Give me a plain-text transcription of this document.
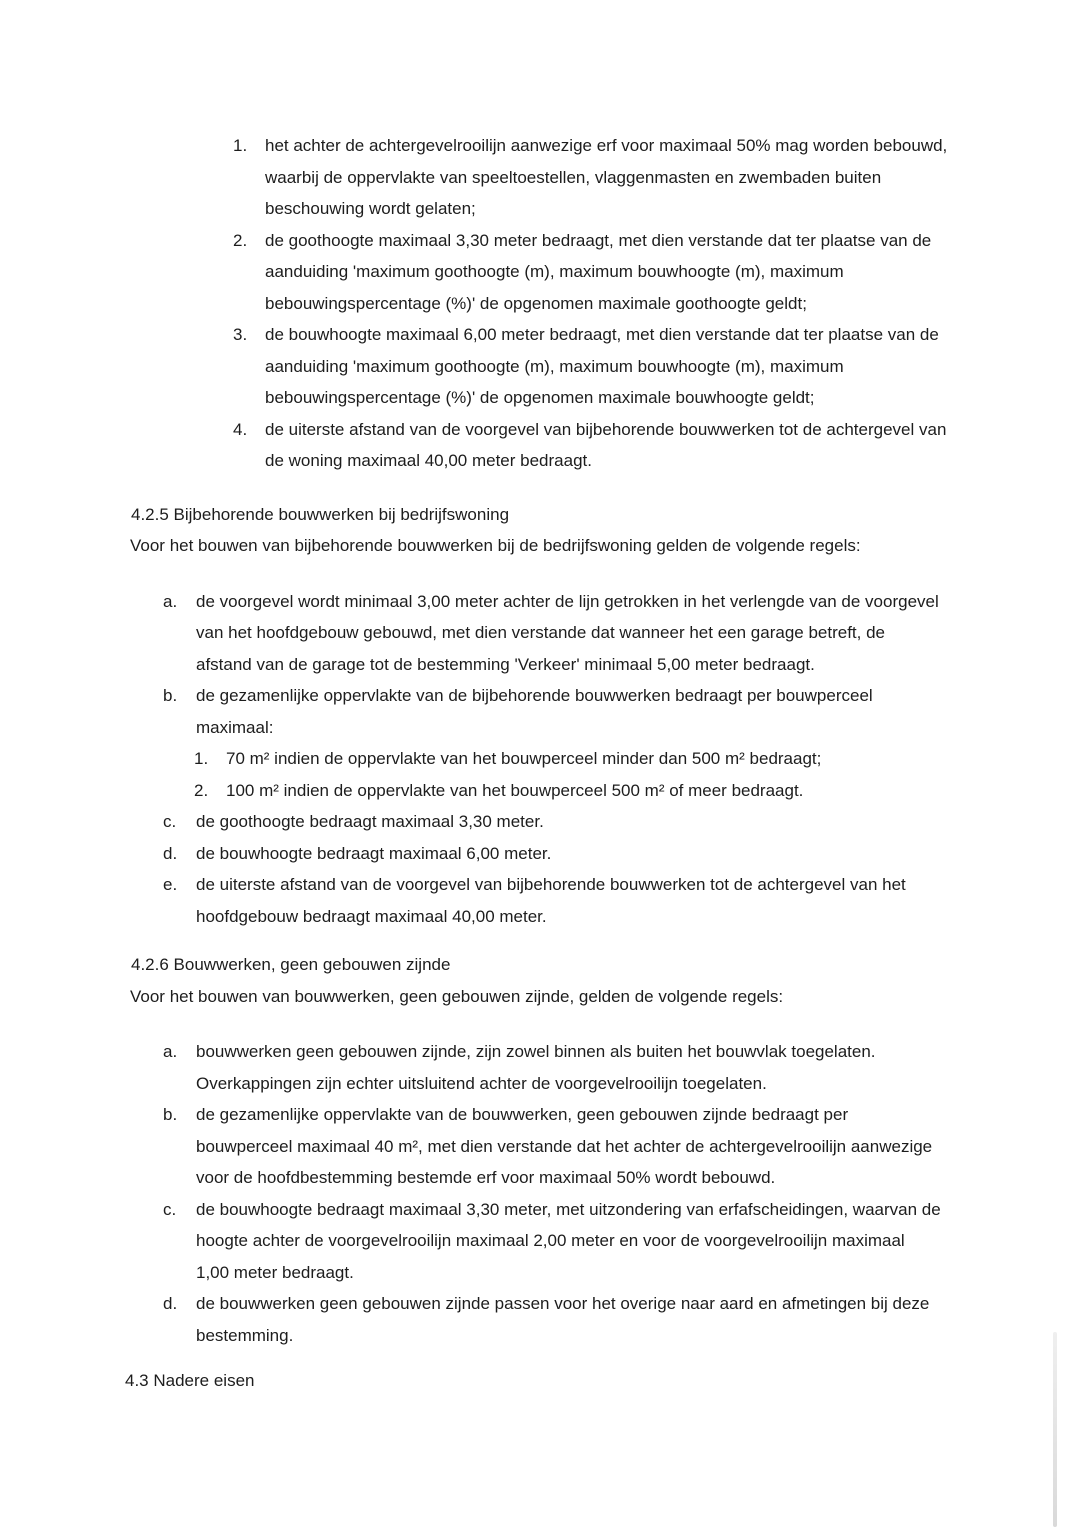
1.	het achter de achtergevelrooilijn aanwezige erf voor maximaal 50% mag worden bebouwd, waarbij de oppervlakte van speeltoestellen, vlaggenmasten en zwembaden buiten beschouwing wordt gelaten;
2.	de goothoogte maximaal 3,30 meter bedraagt, met dien verstande dat ter plaatse van de aanduiding 'maximum goothoogte (m), maximum bouwhoogte (m), maximum bebouwingspercentage (%)' de opgenomen maximale goothoogte geldt;
3.	de bouwhoogte maximaal 6,00 meter bedraagt, met dien verstande dat ter plaatse van de aanduiding 'maximum goothoogte (m), maximum bouwhoogte (m), maximum bebouwingspercentage (%)' de opgenomen maximale bouwhoogte geldt;
4.	de uiterste afstand van de voorgevel van bijbehorende bouwwerken tot de achtergevel van de woning maximaal 40,00 meter bedraagt.
4.2.5 Bijbehorende bouwwerken bij bedrijfswoning
Voor het bouwen van bijbehorende bouwwerken bij de bedrijfswoning gelden de volgende regels:
a.	de voorgevel wordt minimaal 3,00 meter achter de lijn getrokken in het verlengde van de voorgevel van het hoofdgebouw gebouwd, met dien verstande dat wanneer het een garage betreft, de afstand van de garage tot de bestemming 'Verkeer' minimaal 5,00 meter bedraagt.
b.	de gezamenlijke oppervlakte van de bijbehorende bouwwerken bedraagt per bouwperceel maximaal:
1.	70 m² indien de oppervlakte van het bouwperceel minder dan 500 m² bedraagt;
2.	100 m² indien de oppervlakte van het bouwperceel 500 m² of meer bedraagt.
c.	de goothoogte bedraagt maximaal 3,30 meter.
d.	de bouwhoogte bedraagt maximaal 6,00 meter.
e.	de uiterste afstand van de voorgevel van bijbehorende bouwwerken tot de achtergevel van het hoofdgebouw bedraagt maximaal 40,00 meter.
4.2.6 Bouwwerken, geen gebouwen zijnde
Voor het bouwen van bouwwerken, geen gebouwen zijnde, gelden de volgende regels:
a.	bouwwerken geen gebouwen zijnde, zijn zowel binnen als buiten het bouwvlak toegelaten. Overkappingen zijn echter uitsluitend achter de voorgevelrooilijn toegelaten.
b.	de gezamenlijke oppervlakte van de bouwwerken, geen gebouwen zijnde bedraagt per bouwperceel maximaal 40 m², met dien verstande dat het achter de achtergevelrooilijn aanwezige voor de hoofdbestemming bestemde erf voor maximaal 50% wordt bebouwd.
c.	de bouwhoogte bedraagt maximaal 3,30 meter, met uitzondering van erfafscheidingen, waarvan de hoogte achter de voorgevelrooilijn maximaal 2,00 meter en voor de voorgevelrooilijn maximaal 1,00 meter bedraagt.
d.	de bouwwerken geen gebouwen zijnde passen voor het overige naar aard en afmetingen bij deze bestemming.
4.3 Nadere eisen
